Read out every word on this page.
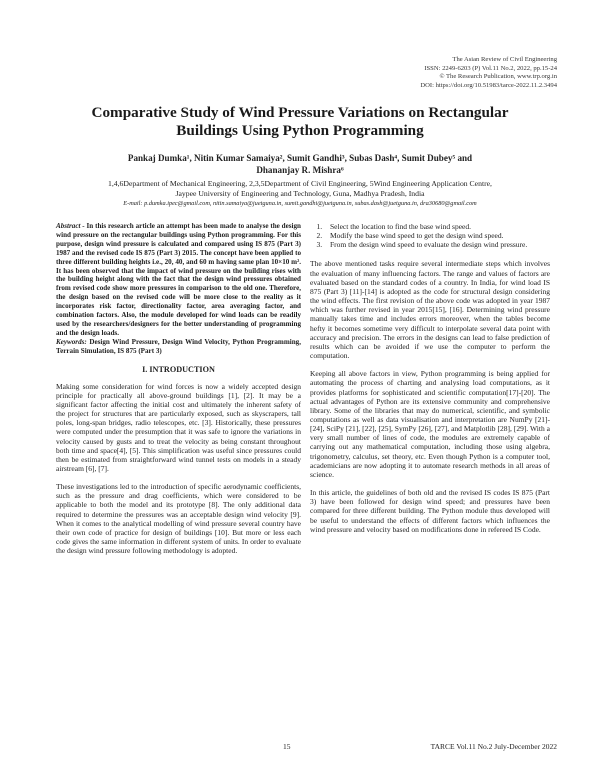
The Asian Review of Civil Engineering
ISSN: 2249-6203 (P) Vol.11 No.2, 2022, pp.15-24
© The Research Publication, www.trp.org.in
DOI: https://doi.org/10.51983/tarce-2022.11.2.3494
Comparative Study of Wind Pressure Variations on Rectangular
Buildings Using Python Programming
Pankaj Dumka¹, Nitin Kumar Samaiya², Sumit Gandhi³, Subas Dash⁴, Sumit Dubey⁵ and
Dhananjay R. Mishra⁶
1,4,6Department of Mechanical Engineering, 2,3,5Department of Civil Engineering, 5Wind Engineering Application Centre,
Jaypee University of Engineering and Technology, Guna, Madhya Pradesh, India
E-mail: p.dumka.ipec@gmail.com, nitin.samaiya@juetguna.in, sumit.gandhi@juetguna.in, subas.dash@juetguna.in, dra30680@gmail.com

Abstract - In this research article an attempt has been made to analyse the design wind pressure on the rectangular buildings using Python programming. For this purpose, design wind pressure is calculated and compared using IS 875 (Part 3) 1987 and the revised code IS 875 (Part 3) 2015. The concept have been applied to three different building heights i.e., 20, 40, and 60 m having same plan 10×10 m². It has been observed that the impact of wind pressure on the building rises with the building height along with the fact that the design wind pressures obtained from revised code show more pressures in comparison to the old one. Therefore, the design based on the revised code will be more close to the reality as it incorporates risk factor, directionality factor, area averaging factor, and combination factors. Also, the module developed for wind loads can be readily used by the researchers/designers for the better understanding of programming and the design loads.

Keywords: Design Wind Pressure, Design Wind Velocity, Python Programming, Terrain Simulation, IS 875 (Part 3)

I. INTRODUCTION

Making some consideration for wind forces is now a widely accepted design principle for practically all above-ground buildings [1], [2]. It may be a significant factor affecting the initial cost and ultimately the inherent safety of the project for structures that are particularly exposed, such as skyscrapers, tall poles, long-span bridges, radio telescopes, etc. [3]. Historically, these pressures were computed under the presumption that it was safe to ignore the variations in velocity caused by gusts and to treat the velocity as being constant throughout both time and space[4], [5]. This simplification was useful since pressures could then be estimated from straightforward wind tunnel tests on models in a steady airstream [6], [7].

These investigations led to the introduction of specific aerodynamic coefficients, such as the pressure and drag coefficients, which were considered to be applicable to both the model and its prototype [8]. The only additional data required to determine the pressures was an acceptable design wind velocity [9]. When it comes to the analytical modelling of wind pressure several country have their own code of practice for design of buildings [10]. But more or less each code gives the same information in different system of units. In order to evaluate the design wind pressure following methodology is adopted.

1. Select the location to find the base wind speed.
2. Modify the base wind speed to get the design wind speed.
3. From the design wind speed to evaluate the design wind pressure.

The above mentioned tasks require several intermediate steps which involves the evaluation of many influencing factors. The range and values of factors are evaluated based on the standard codes of a country. In India, for wind load IS 875 (Part 3) [11]-[14] is adopted as the code for structural design considering the wind effects. The first revision of the above code was adopted in year 1987 which was further revised in year 2015[15], [16]. Determining wind pressure manually takes time and includes errors moreover, when the tables become hefty it becomes sometime very difficult to interpolate several data point with accuracy and precision. The errors in the designs can lead to false prediction of results which can be avoided if we use the computer to perform the computation.

Keeping all above factors in view, Python programming is being applied for automating the process of charting and analysing load computations, as it provides platforms for sophisticated and scientific computation[17]-[20]. The actual advantages of Python are its extensive community and comprehensive library. Some of the libraries that may do numerical, scientific, and symbolic computations as well as data visualisation and interpretation are NumPy [21]-[24], SciPy [21], [22], [25], SymPy [26], [27], and Matplotlib [28], [29]. With a very small number of lines of code, the modules are extremely capable of carrying out any mathematical computation, including those using algebra, trigonometry, calculus, set theory, etc. Even though Python is a computer tool, academicians are now adopting it to automate research methods in all areas of science.

In this article, the guidelines of both old and the revised IS codes IS 875 (Part 3) have been followed for design wind speed; and pressures have been compared for three different building. The Python module thus developed will be useful to understand the effects of different factors which influences the wind pressure and velocity based on modifications done in refereed IS Code.

15	TARCE Vol.11 No.2 July-December 2022
